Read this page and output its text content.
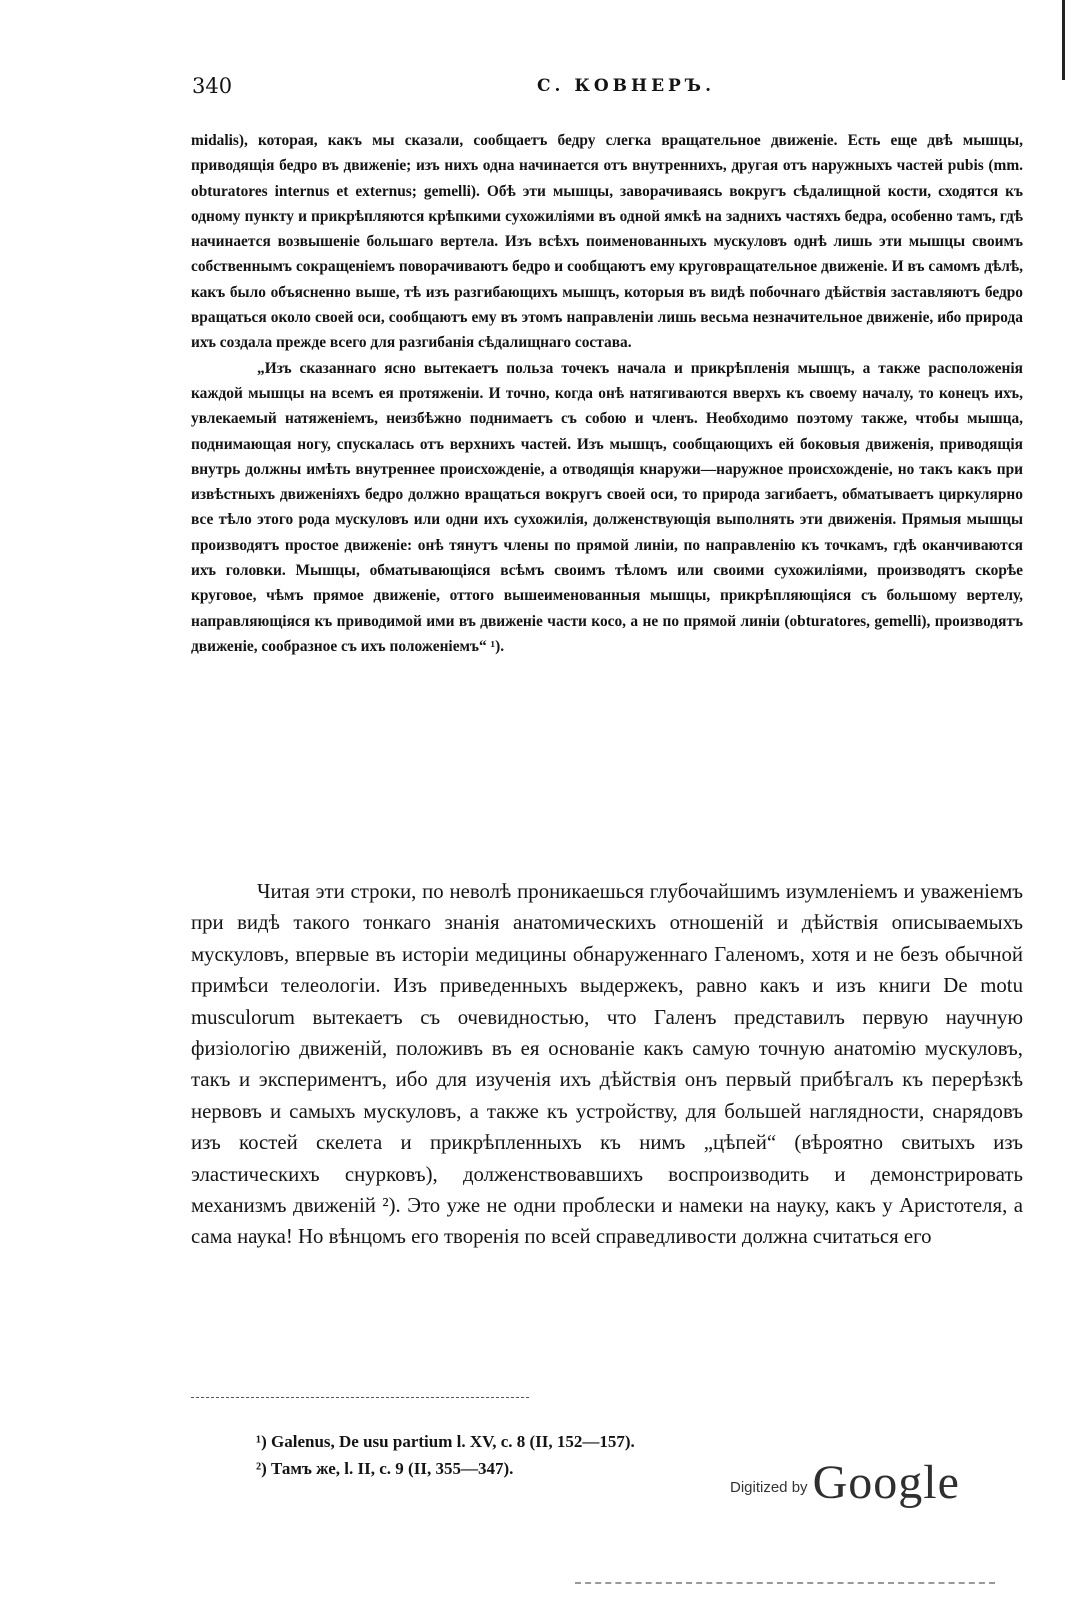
340	С. КОВНЕРЪ.

midalis), которая, какъ мы сказали, сообщаетъ бедру слегка вращательное движеніе. Есть еще двѣ мышцы, приводящія бедро въ движеніе; изъ нихъ одна начинается отъ внутреннихъ, другая отъ наружныхъ частей pubis (mm. obturatores internus et externus; gemelli). Обѣ эти мышцы, заворачиваясь вокругъ сѣдалищной кости, сходятся къ одному пункту и прикрѣпляются крѣпкими сухожиліями въ одной ямкѣ на заднихъ частяхъ бедра, особенно тамъ, гдѣ начинается возвышеніе большаго вертела. Изъ всѣхъ поименованныхъ мускуловъ однѣ лишь эти мышцы своимъ собственнымъ сокращеніемъ поворачиваютъ бедро и сообщаютъ ему круговращательное движеніе. И въ самомъ дѣлѣ, какъ было объясненно выше, тѣ изъ разгибающихъ мышцъ, которыя въ видѣ побочнаго дѣйствія заставляютъ бедро вращаться около своей оси, сообщаютъ ему въ этомъ направленіи лишь весьма незначительное движеніе, ибо природа ихъ создала прежде всего для разгибанія сѣдалищнаго состава.

„Изъ сказаннаго ясно вытекаетъ польза точекъ начала и прикрѣпленія мышцъ, а также расположенія каждой мышцы на всемъ ея протяженіи. И точно, когда онѣ натягиваются вверхъ къ своему началу, то конецъ ихъ, увлекаемый натяженіемъ, неизбѣжно поднимаетъ съ собою и членъ. Необходимо поэтому также, чтобы мышца, поднимающая ногу, спускалась отъ верхнихъ частей. Изъ мышцъ, сообщающихъ ей боковыя движенія, приводящія внутрь должны имѣть внутреннее происхожденіе, а отводящія кнаружи—наружное происхожденіе, но такъ какъ при извѣстныхъ движеніяхъ бедро должно вращаться вокругъ своей оси, то природа загибаетъ, обматываетъ циркулярно все тѣло этого рода мускуловъ или одни ихъ сухожилія, долженствующія выполнять эти движенія. Прямыя мышцы производятъ простое движеніе: онѣ тянутъ члены по прямой линіи, по направленію къ точкамъ, гдѣ оканчиваются ихъ головки. Мышцы, обматывающіяся всѣмъ своимъ тѣломъ или своими сухожиліями, производятъ скорѣе круговое, чѣмъ прямое движеніе, оттого вышеименованныя мышцы, прикрѣпляющіяся съ большому вертелу, направляющіяся къ приводимой ими въ движеніе части косо, а не по прямой линіи (obturatores, gemelli), производятъ движеніе, сообразное съ ихъ положеніемъ“ ¹).

Читая эти строки, по неволѣ проникаешься глубочайшимъ изумленіемъ и уваженіемъ при видѣ такого тонкаго знанія анатомическихъ отношеній и дѣйствія описываемыхъ мускуловъ, впервые въ исторіи медицины обнаруженнаго Галеномъ, хотя и не безъ обычной примѣси телеологіи. Изъ приведенныхъ выдержекъ, равно какъ и изъ книги De motu musculorum вытекаетъ съ очевидностью, что Галенъ представилъ первую научную физіологію движеній, положивъ въ ея основаніе какъ самую точную анатомію мускуловъ, такъ и экспериментъ, ибо для изученія ихъ дѣйствія онъ первый прибѣгалъ къ перерѣзкѣ нервовъ и самыхъ мускуловъ, а также къ устройству, для большей наглядности, снарядовъ изъ костей скелета и прикрѣпленныхъ къ нимъ „цѣпей“ (вѣроятно свитыхъ изъ эластическихъ снурковъ), долженствовавшихъ воспроизводить и демонстрировать механизмъ движеній ²). Это уже не одни проблески и намеки на науку, какъ у Аристотеля, а сама наука! Но вѣнцомъ его творенія по всей справедливости должна считаться его

¹) Galenus, De usu partium l. XV, c. 8 (II, 152—157).
²) Тамъ же, l. II, c. 9 (II, 355—347).
Digitized by Google
